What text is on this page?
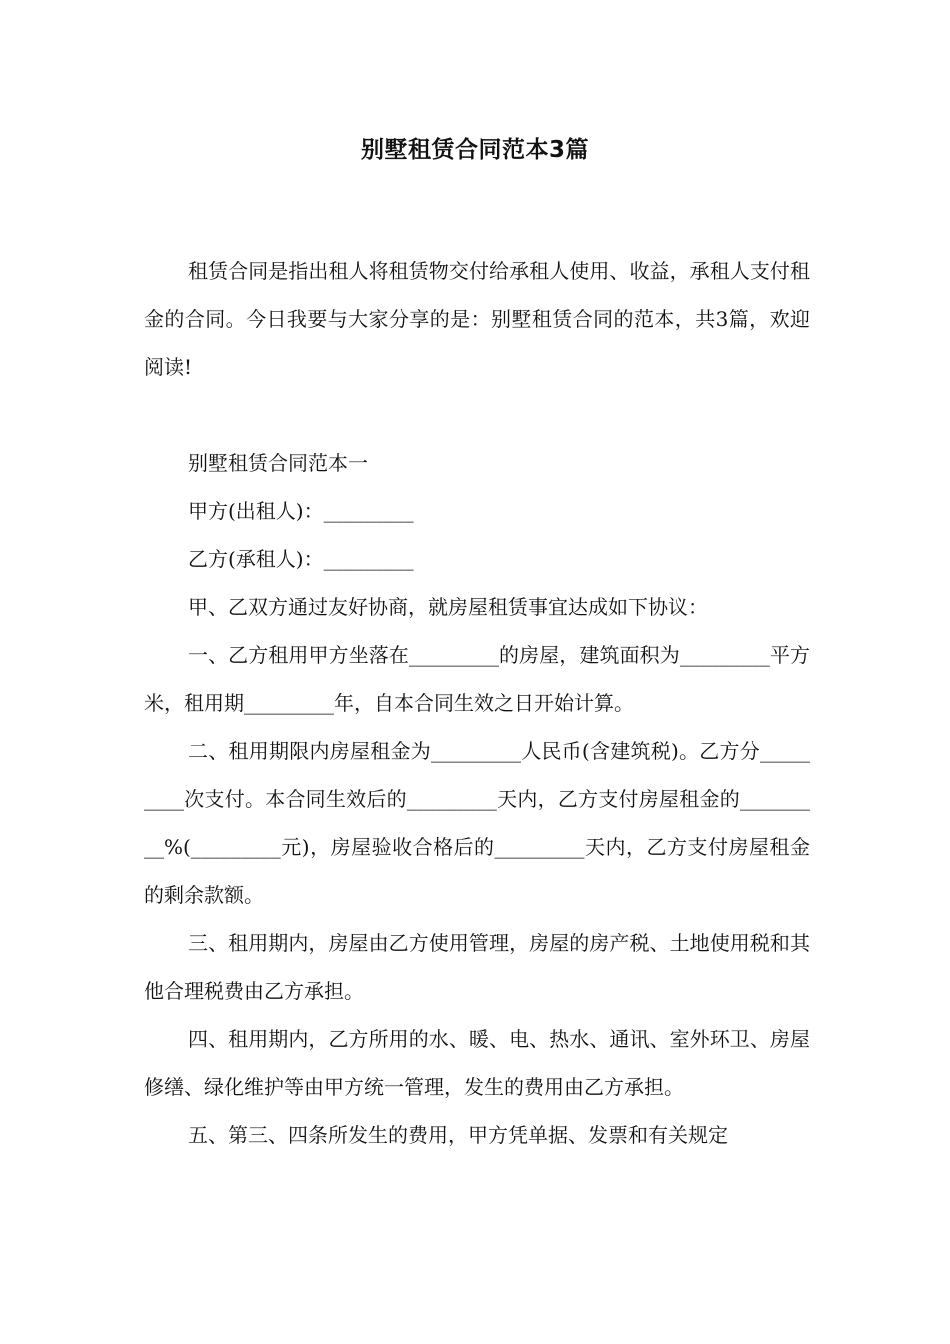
别墅租赁合同范本3篇

租赁合同是指出租人将租赁物交付给承租人使用、收益，承租人支付租金的合同。今日我要与大家分享的是：别墅租赁合同的范本，共3篇，欢迎阅读!

别墅租赁合同范本一

甲方(出租人)：_________

乙方(承租人)：_________

甲、乙双方通过友好协商，就房屋租赁事宜达成如下协议：

一、乙方租用甲方坐落在_________的房屋，建筑面积为_________平方米，租用期_________年，自本合同生效之日开始计算。

二、租用期限内房屋租金为_________人民币(含建筑税)。乙方分_________次支付。本合同生效后的_________天内，乙方支付房屋租金的_________%(_________元)，房屋验收合格后的_________天内，乙方支付房屋租金的剩余款额。

三、租用期内，房屋由乙方使用管理，房屋的房产税、土地使用税和其他合理税费由乙方承担。

四、租用期内，乙方所用的水、暖、电、热水、通讯、室外环卫、房屋修缮、绿化维护等由甲方统一管理，发生的费用由乙方承担。

五、第三、四条所发生的费用，甲方凭单据、发票和有关规定
